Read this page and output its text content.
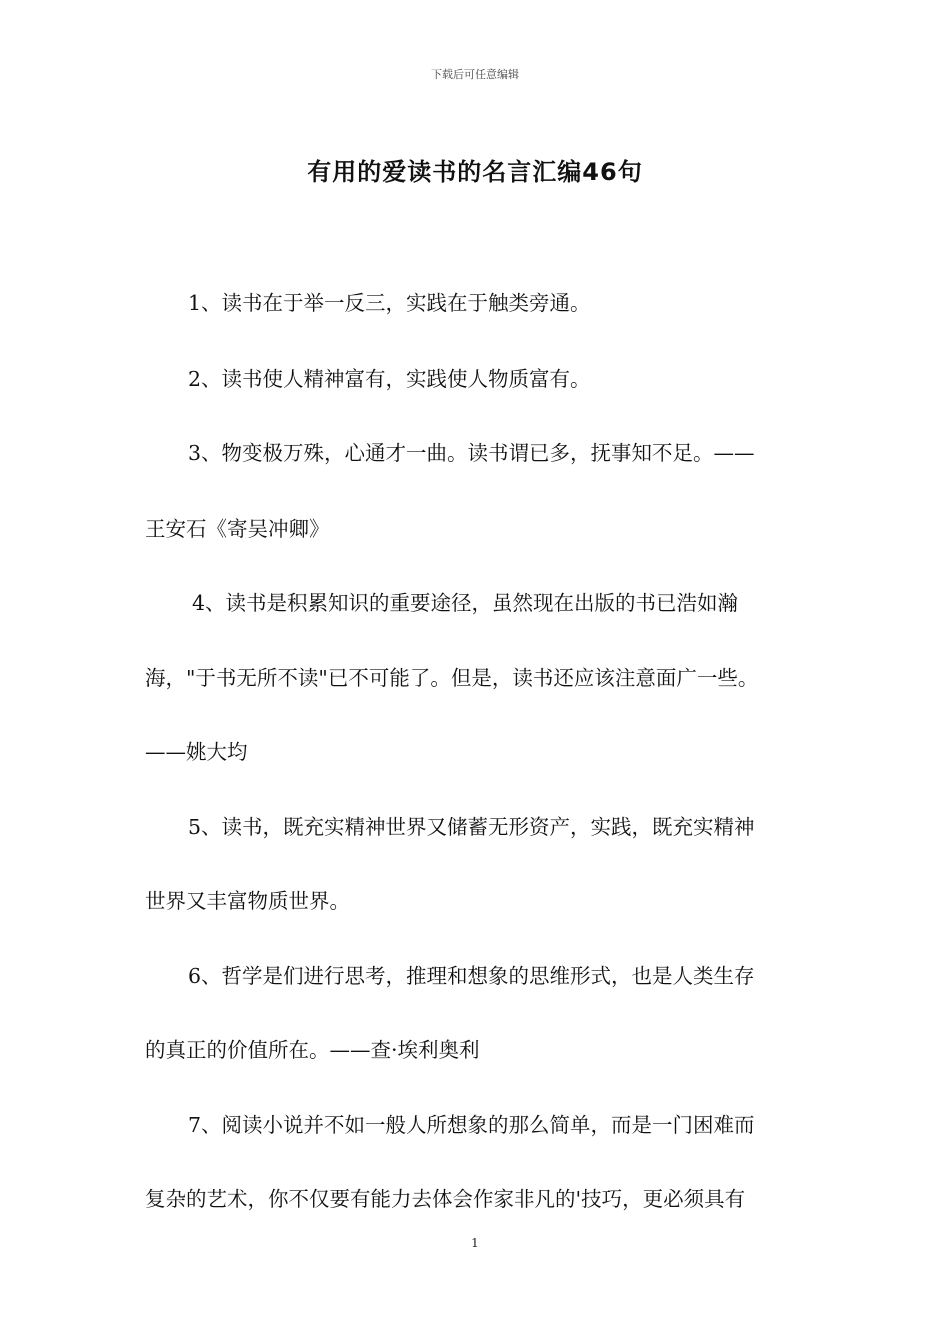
下载后可任意编辑
有用的爱读书的名言汇编46句
1、读书在于举一反三，实践在于触类旁通。
2、读书使人精神富有，实践使人物质富有。
3、物变极万殊，心通才一曲。读书谓已多，抚事知不足。——
王安石《寄吴冲卿》
4、读书是积累知识的重要途径，虽然现在出版的书已浩如瀚
海，"于书无所不读"已不可能了。但是，读书还应该注意面广一些。
——姚大均
5、读书，既充实精神世界又储蓄无形资产，实践，既充实精神
世界又丰富物质世界。
6、哲学是们进行思考，推理和想象的思维形式，也是人类生存
的真正的价值所在。——查·埃利奥利
7、阅读小说并不如一般人所想象的那么简单，而是一门困难而
复杂的艺术，你不仅要有能力去体会作家非凡的'技巧，更必须具有
1
